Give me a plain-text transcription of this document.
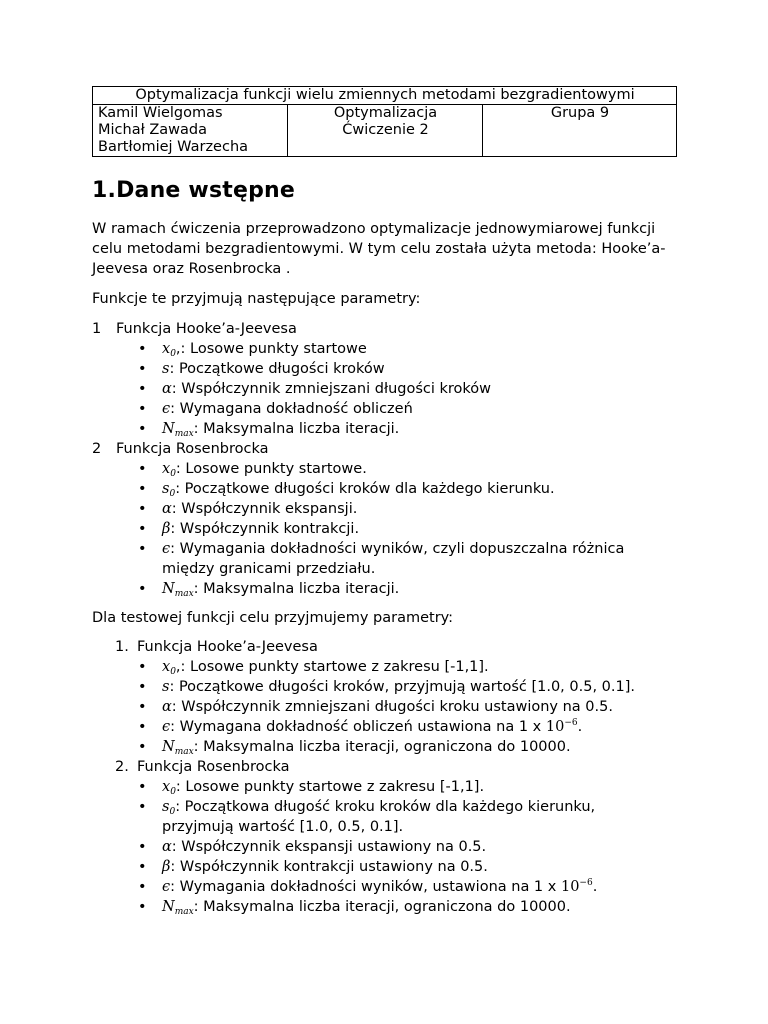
Optymalizacja funkcji wielu zmiennych metodami bezgradientowymi

Kamil Wielgomas
Michał Zawada
Bartłomiej Warzecha

Optymalizacja
Ćwiczenie 2
	Grupa 9
1.Dane wstępne

W ramach ćwiczenia przeprowadzono optymalizacje jednowymiarowej funkcji celu metodami bezgradientowymi. W tym celu została użyta metoda: Hooke’a-Jeevesa oraz Rosenbrocka .

Funkcje te przyjmują następujące parametry:

1	Funkcja Hooke’a-Jeevesa
• $x_0$,: Losowe punkty startowe
• s: Początkowe długości kroków
• α: Współczynnik zmniejszani długości kroków
• ϵ: Wymagana dokładność obliczeń
• $N_{max}$: Maksymalna liczba iteracji.
2	Funkcja Rosenbrocka
• $x_0$: Losowe punkty startowe.
• $s_0$: Początkowe długości kroków dla każdego kierunku.
• α: Współczynnik ekspansji.
• β: Współczynnik kontrakcji.
• ϵ: Wymagania dokładności wyników, czyli dopuszczalna różnica
między granicami przedziału.
• $N_{max}$: Maksymalna liczba iteracji.

Dla testowej funkcji celu przyjmujemy parametry:

1. Funkcja Hooke’a-Jeevesa
• $x_0$,: Losowe punkty startowe z zakresu [-1,1].
• s: Początkowe długości kroków, przyjmują wartość [1.0, 0.5, 0.1].
• α: Współczynnik zmniejszani długości kroku ustawiony na 0.5.
• ϵ: Wymagana dokładność obliczeń ustawiona na 1 x $10^{-6}$.
• $N_{max}$: Maksymalna liczba iteracji, ograniczona do 10000.
2. Funkcja Rosenbrocka
• $x_0$: Losowe punkty startowe z zakresu [-1,1].
• $s_0$: Początkowa długość kroku kroków dla każdego kierunku,
przyjmują wartość [1.0, 0.5, 0.1].
• α: Współczynnik ekspansji ustawiony na 0.5.
• β: Współczynnik kontrakcji ustawiony na 0.5.
• ϵ: Wymagania dokładności wyników, ustawiona na 1 x $10^{-6}$.
• $N_{max}$: Maksymalna liczba iteracji, ograniczona do 10000.
